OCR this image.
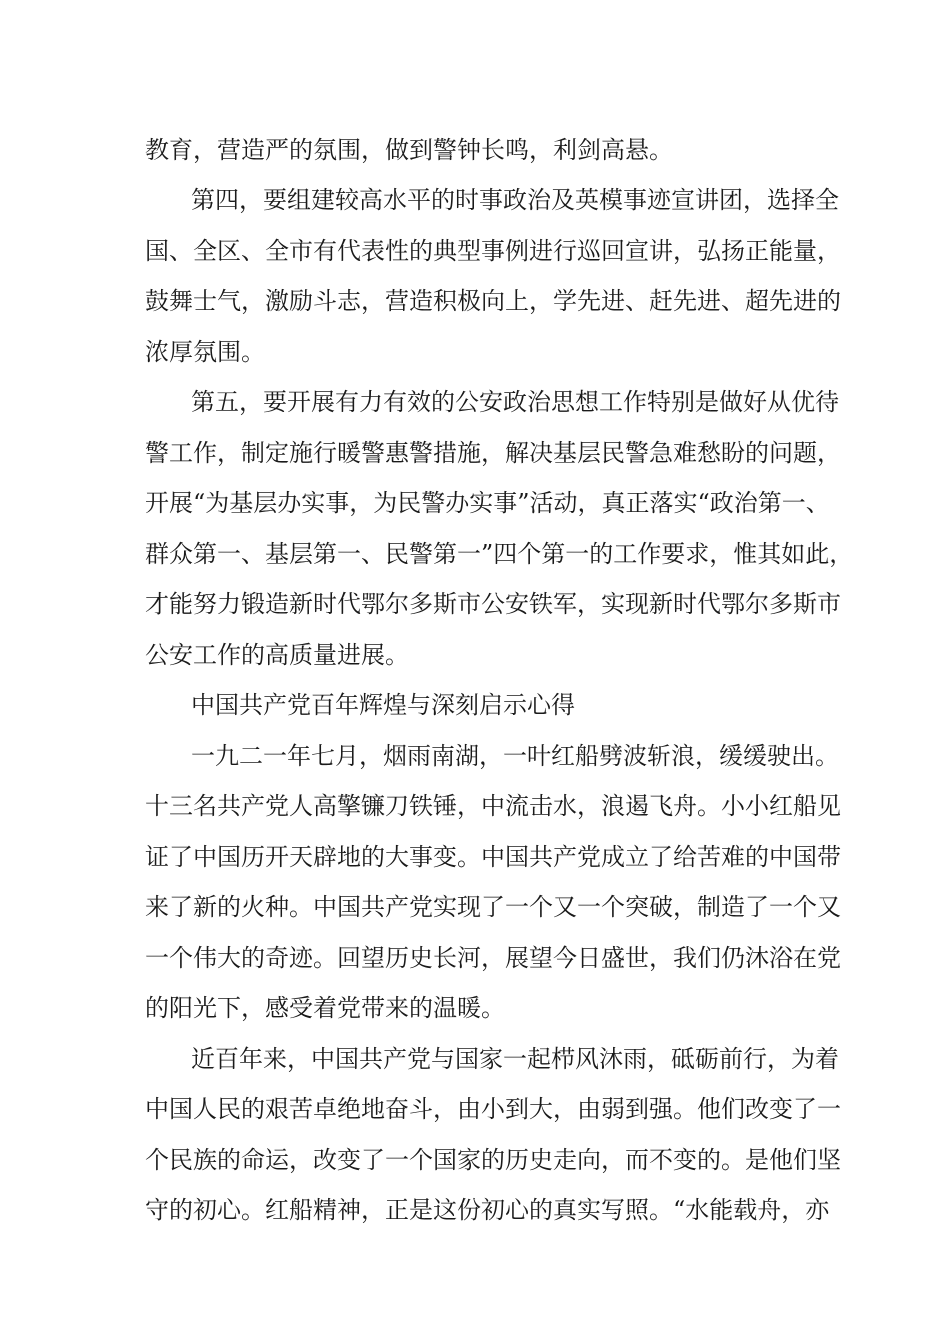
教育，营造严的氛围，做到警钟长鸣，利剑高悬。
第四，要组建较高水平的时事政治及英模事迹宣讲团，选择全
国、全区、全市有代表性的典型事例进行巡回宣讲，弘扬正能量，
鼓舞士气，激励斗志，营造积极向上，学先进、赶先进、超先进的
浓厚氛围。
第五，要开展有力有效的公安政治思想工作特别是做好从优待
警工作，制定施行暖警惠警措施，解决基层民警急难愁盼的问题，
开展“为基层办实事，为民警办实事”活动，真正落实“政治第一、
群众第一、基层第一、民警第一”四个第一的工作要求，惟其如此，
才能努力锻造新时代鄂尔多斯市公安铁军，实现新时代鄂尔多斯市
公安工作的高质量进展。
中国共产党百年辉煌与深刻启示心得
一九二一年七月，烟雨南湖，一叶红船劈波斩浪，缓缓驶出。
十三名共产党人高擎镰刀铁锤，中流击水，浪遏飞舟。小小红船见
证了中国历开天辟地的大事变。中国共产党成立了给苦难的中国带
来了新的火种。中国共产党实现了一个又一个突破，制造了一个又
一个伟大的奇迹。回望历史长河，展望今日盛世，我们仍沐浴在党
的阳光下，感受着党带来的温暖。
近百年来，中国共产党与国家一起栉风沐雨，砥砺前行，为着
中国人民的艰苦卓绝地奋斗，由小到大，由弱到强。他们改变了一
个民族的命运，改变了一个国家的历史走向，而不变的。是他们坚
守的初心。红船精神，正是这份初心的真实写照。“水能载舟，亦
